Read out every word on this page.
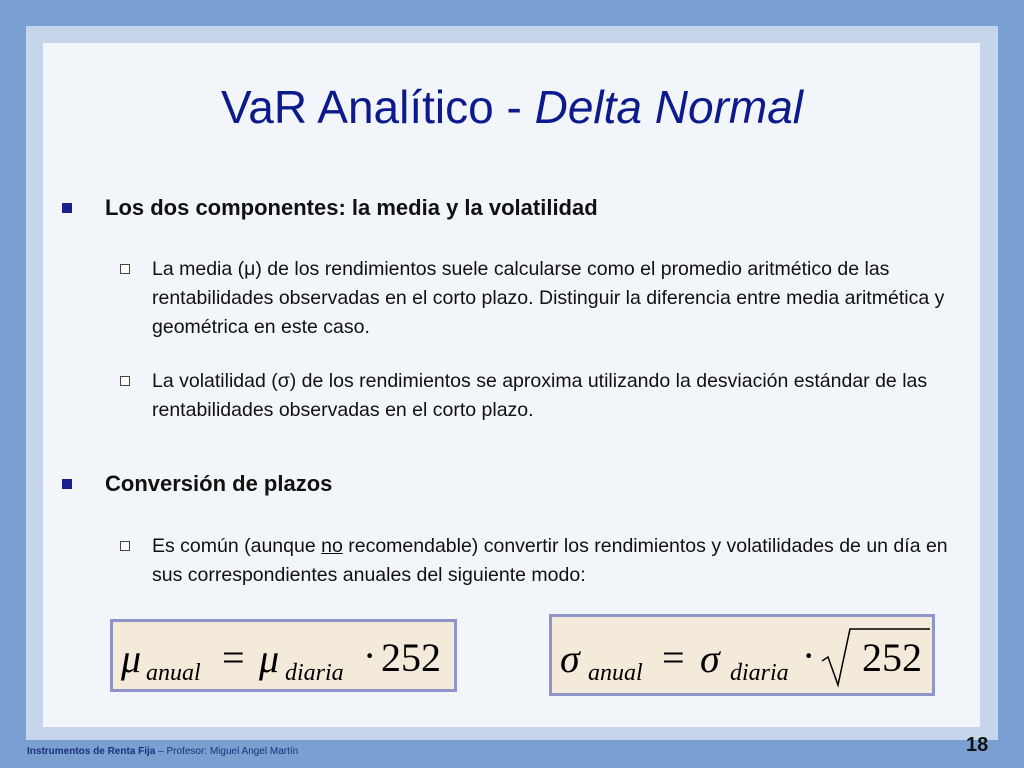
VaR Analítico - Delta Normal
Los dos componentes: la media y la volatilidad
La media (μ) de los rendimientos suele calcularse como el promedio aritmético de las rentabilidades observadas en el corto plazo. Distinguir la diferencia entre media aritmética y geométrica en este caso.
La volatilidad (σ) de los rendimientos se aproxima utilizando la desviación estándar de las rentabilidades observadas en el corto plazo.
Conversión de plazos
Es común (aunque no recomendable) convertir los rendimientos y volatilidades de un día en sus correspondientes anuales del siguiente modo:
μ anual = μ diaria · 252	σ anual = σ diaria · 252
Instrumentos de Renta Fija – Profesor: Miguel Angel Martín	18
